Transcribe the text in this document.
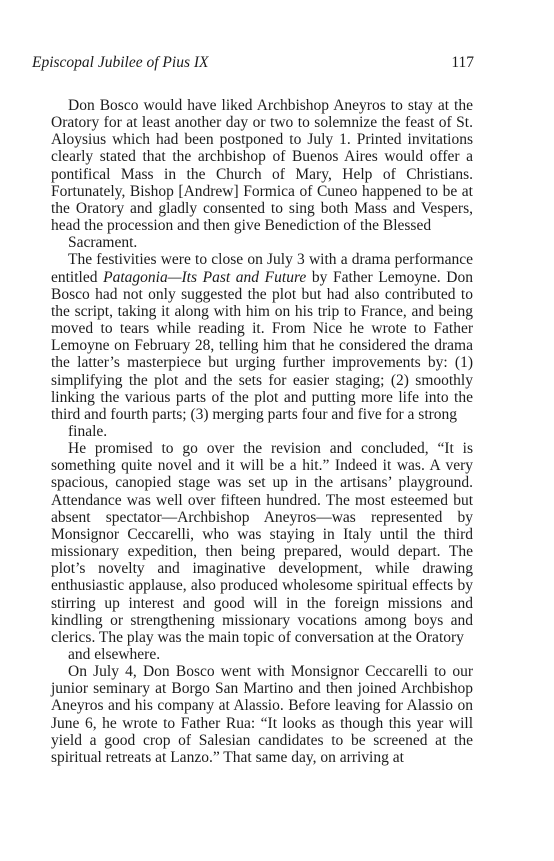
Episcopal Jubilee of Pius IX	117

Don Bosco would have liked Archbishop Aneyros to stay at the Oratory for at least another day or two to solemnize the feast of St. Aloysius which had been postponed to July 1. Printed invitations clearly stated that the archbishop of Buenos Aires would offer a pontifical Mass in the Church of Mary, Help of Christians. Fortunately, Bishop [Andrew] Formica of Cuneo happened to be at the Oratory and gladly consented to sing both Mass and Vespers, head the procession and then give Benediction of the Blessed
Sacrament.

The festivities were to close on July 3 with a drama performance entitled Patagonia—Its Past and Future by Father Lemoyne. Don Bosco had not only suggested the plot but had also contributed to the script, taking it along with him on his trip to France, and being moved to tears while reading it. From Nice he wrote to Father Lemoyne on February 28, telling him that he considered the drama the latter’s masterpiece but urging further improvements by: (1) simplifying the plot and the sets for easier staging; (2) smoothly linking the various parts of the plot and putting more life into the third and fourth parts; (3) merging parts four and five for a strong
finale.

He promised to go over the revision and concluded, “It is something quite novel and it will be a hit.” Indeed it was. A very spacious, canopied stage was set up in the artisans’ playground. Attendance was well over fifteen hundred. The most esteemed but absent spectator—Archbishop Aneyros—was represented by Monsignor Ceccarelli, who was staying in Italy until the third missionary expedition, then being prepared, would depart. The plot’s novelty and imaginative development, while drawing enthusiastic applause, also produced wholesome spiritual effects by stirring up interest and good will in the foreign missions and kindling or strengthening missionary vocations among boys and clerics. The play was the main topic of conversation at the Oratory
and elsewhere.

On July 4, Don Bosco went with Monsignor Ceccarelli to our junior seminary at Borgo San Martino and then joined Archbishop Aneyros and his company at Alassio. Before leaving for Alassio on June 6, he wrote to Father Rua: “It looks as though this year will yield a good crop of Salesian candidates to be screened at the spiritual retreats at Lanzo.” That same day, on arriving at
